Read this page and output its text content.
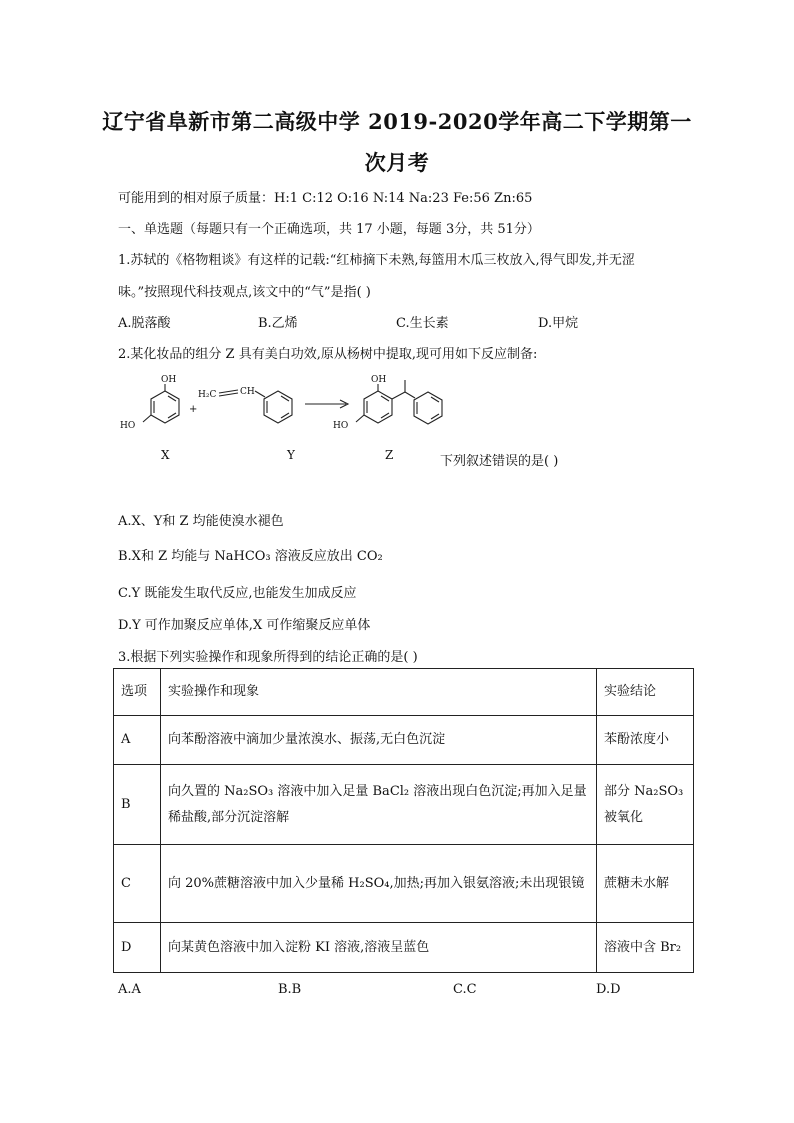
辽宁省阜新市第二高级中学 2019-2020学年高二下学期第一
次月考
可能用到的相对原子质量：H:1 C:12 O:16 N:14 Na:23 Fe:56 Zn:65
一、单选题（每题只有一个正确选项，共 17 小题，每题 3分，共 51分）
1.苏轼的《格物粗谈》有这样的记载:“红柿摘下未熟,每篮用木瓜三枚放入,得气即发,并无涩
味。”按照现代科技观点,该文中的“气”是指( )
A.脱落酸	B.乙烯	C.生长素	D.甲烷
2.某化妆品的组分 Z 具有美白功效,原从杨树中提取,现可用如下反应制备:
OH
HO
+
H₂C	CH
OH
HO
X	Y	Z	下列叙述错误的是( )
A.X、Y和 Z 均能使溴水褪色
B.X和 Z 均能与 NaHCO₃ 溶液反应放出 CO₂
C.Y 既能发生取代反应,也能发生加成反应
D.Y 可作加聚反应单体,X 可作缩聚反应单体
3.根据下列实验操作和现象所得到的结论正确的是( )
选项	实验操作和现象	实验结论
A	向苯酚溶液中滴加少量浓溴水、振荡,无白色沉淀	苯酚浓度小
B	向久置的 Na₂SO₃ 溶液中加入足量 BaCl₂ 溶液出现白色沉淀;再加入足量稀盐酸,部分沉淀溶解	部分 Na₂SO₃ 被氧化
C	向 20%蔗糖溶液中加入少量稀 H₂SO₄,加热;再加入银氨溶液;未出现银镜	蔗糖未水解
D	向某黄色溶液中加入淀粉 KI 溶液,溶液呈蓝色	溶液中含 Br₂
A.A	B.B	C.C	D.D
